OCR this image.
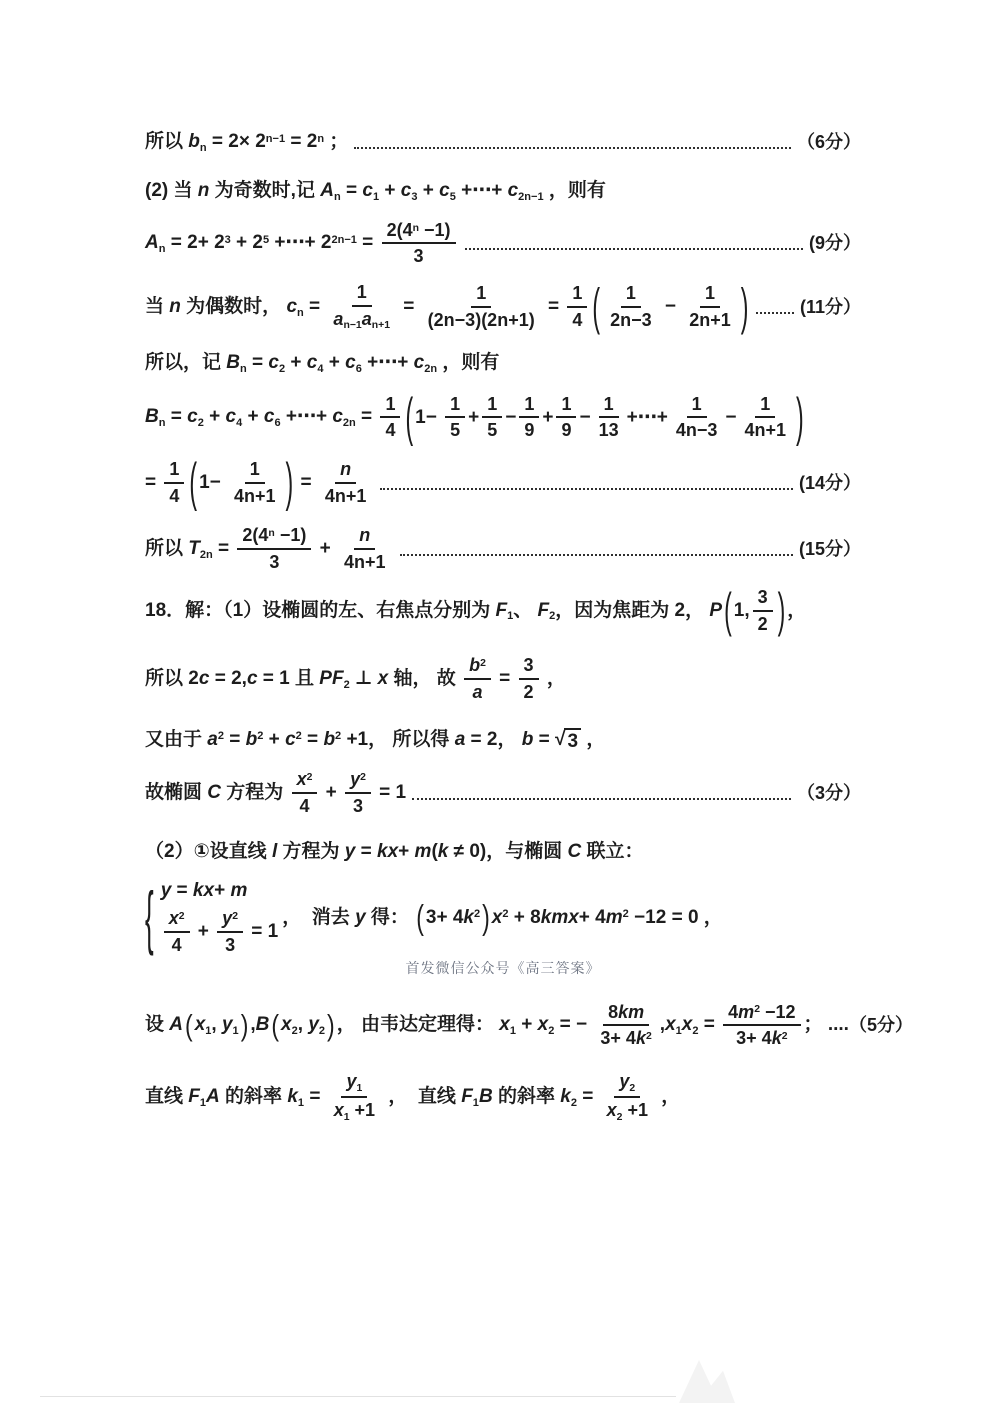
所以 $b_n = 2\times 2^{n-1} = 2^n$ ；	（6分）
(2) 当 n 为奇数时,记 $A_n = c_1 + c_3 + c_5$ +⋯+ $c_{2n-1}$ ，则有
$A_n = 2+ 2^3 + 2^5$ +⋯+ $2^{2n-1} = \frac{2(4^n -1)}{3}$	(9分）
当 n 为偶数时， $c_n = \frac{1}{a_{n-1}a_{n+1}} = \frac{1}{(2n-3)(2n+1)} = \frac{1}{4}$ ( $\frac{1}{2n-3} - \frac{1}{2n+1}$ )	(11分）
所以，记 $B_n = c_2 + c_4 + c_6$ +⋯+ $c_{2n}$ ，则有
$B_n = c_2 + c_4 + c_6$ +⋯+ $c_{2n} = \frac{1}{4}$ ( $1- \frac{1}{5} + \frac{1}{5} - \frac{1}{9} + \frac{1}{9} - \frac{1}{13}$ +⋯+ $\frac{1}{4n-3} - \frac{1}{4n+1}$ )
= $\frac{1}{4}$ ( $1- \frac{1}{4n+1}$ ) = $\frac{n}{4n+1}$	(14分）
所以 $T_{2n} = \frac{2(4^n -1)}{3} + \frac{n}{4n+1}$	(15分）
18．解：（1）设椭圆的左、右焦点分别为 $F_1$、 $F_2$，因为焦距为 2， P ( 1, $\frac{3}{2}$ ) ，
所以 2c = 2,c = 1 且 $PF_2$ ⊥ x 轴， 故 $\frac{b^2}{a} = \frac{3}{2}$ ，
又由于 $a^2 = b^2 + c^2 = b^2 +1$， 所以得 a = 2， b = √ 3 ，
故椭圆 C 方程为 $\frac{x^2}{4} + \frac{y^2}{3} = 1$	（3分）
（2）①设直线 l 方程为 y = kx+ m(k ≠ 0)，与椭圆 C 联立：
{ y = kx+ m
$\frac{x^2}{4} + \frac{y^2}{3} = 1$
，  消去 y 得： ( $3+ 4k^2$ ) $x^2 + 8kmx+ 4m^2 -12 = 0$ ，
首发微信公众号《高三答案》
设 A ( $x_1$, $y_1$ ) ,B ( $x_2$, $y_2$ ) ， 由韦达定理得： $x_1 + x_2$ = − $\frac{8km}{3+ 4k^2} ,x_1x_2 = \frac{4m^2 -12}{3+ 4k^2}$ ； .... （5分）
直线 $F_1A$ 的斜率 $k_1 = \frac{y_1}{x_1 +1}$ ，  直线 $F_1B$ 的斜率 $k_2 = \frac{y_2}{x_2 +1}$ ，
